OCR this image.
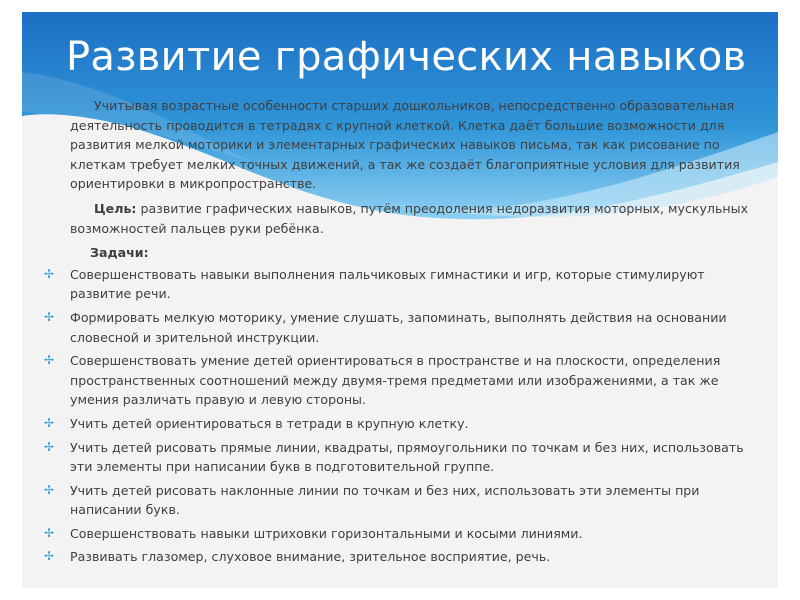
Развитие графических навыков

Учитывая возрастные особенности старших дошкольников, непосредственно образовательная деятельность проводится в тетрадях с крупной клеткой. Клетка даёт большие возможности для развития мелкой моторики и элементарных графических навыков письма, так как рисование по клеткам требует мелких точных движений, а так же создаёт благоприятные условия для развития ориентировки в микропространстве.

Цель: развитие графических навыков, путём преодоления недоразвития моторных, мускульных возможностей пальцев руки ребёнка.

Задачи:

✢ Совершенствовать навыки выполнения пальчиковых гимнастики и игр, которые стимулируют развитие речи.
✢ Формировать мелкую моторику, умение слушать, запоминать, выполнять действия на основании словесной и зрительной инструкции.
✢ Совершенствовать умение детей ориентироваться в пространстве и на плоскости, определения пространственных соотношений между двумя-тремя предметами или изображениями, а так же умения различать правую и левую стороны.
✢ Учить детей ориентироваться в тетради в крупную клетку.
✢ Учить детей рисовать прямые линии, квадраты, прямоугольники по точкам и без них, использовать эти элементы при написании букв в подготовительной группе.
✢ Учить детей рисовать наклонные линии по точкам и без них, использовать эти элементы при написании букв.
✢ Совершенствовать навыки штриховки горизонтальными и косыми линиями.
✢ Развивать глазомер, слуховое внимание, зрительное восприятие, речь.
